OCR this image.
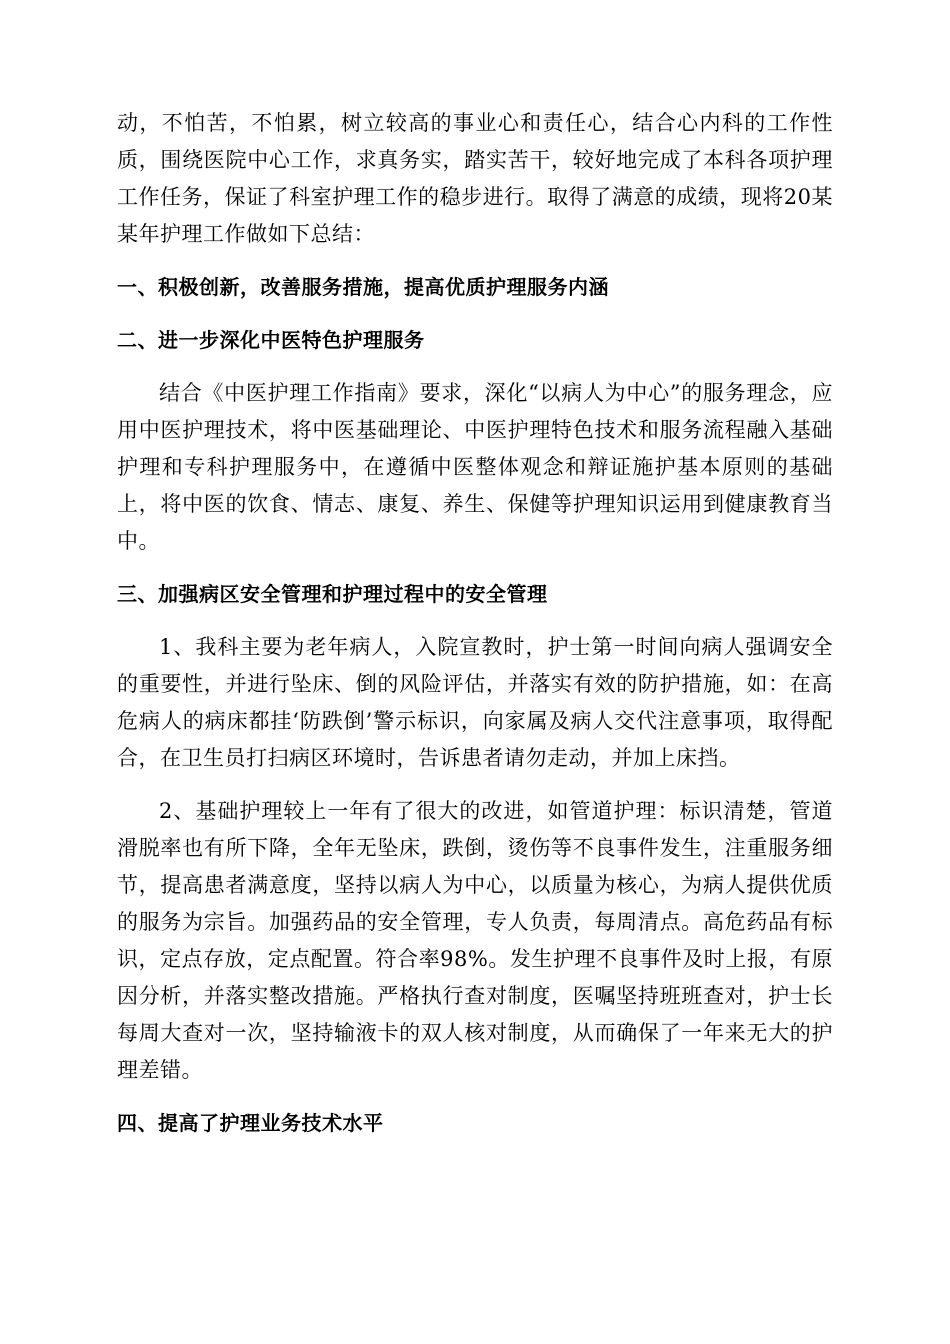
动，不怕苦，不怕累，树立较高的事业心和责任心，结合心内科的工作性质，围绕医院中心工作，求真务实，踏实苦干，较好地完成了本科各项护理工作任务，保证了科室护理工作的稳步进行。取得了满意的成绩，现将20某某年护理工作做如下总结：

一、积极创新，改善服务措施，提高优质护理服务内涵
二、进一步深化中医特色护理服务

结合《中医护理工作指南》要求，深化“以病人为中心”的服务理念，应用中医护理技术，将中医基础理论、中医护理特色技术和服务流程融入基础护理和专科护理服务中，在遵循中医整体观念和辩证施护基本原则的基础上，将中医的饮食、情志、康复、养生、保健等护理知识运用到健康教育当中。

三、加强病区安全管理和护理过程中的安全管理

1、我科主要为老年病人，入院宣教时，护士第一时间向病人强调安全的重要性，并进行坠床、倒的风险评估，并落实有效的防护措施，如：在高危病人的病床都挂‘防跌倒’警示标识，向家属及病人交代注意事项，取得配合，在卫生员打扫病区环境时，告诉患者请勿走动，并加上床挡。

2、基础护理较上一年有了很大的改进，如管道护理：标识清楚，管道滑脱率也有所下降，全年无坠床，跌倒，烫伤等不良事件发生，注重服务细节，提高患者满意度，坚持以病人为中心，以质量为核心，为病人提供优质的服务为宗旨。加强药品的安全管理，专人负责，每周清点。高危药品有标识，定点存放，定点配置。符合率98%。发生护理不良事件及时上报，有原因分析，并落实整改措施。严格执行查对制度，医嘱坚持班班查对，护士长每周大查对一次，坚持输液卡的双人核对制度，从而确保了一年来无大的护理差错。

四、提高了护理业务技术水平
